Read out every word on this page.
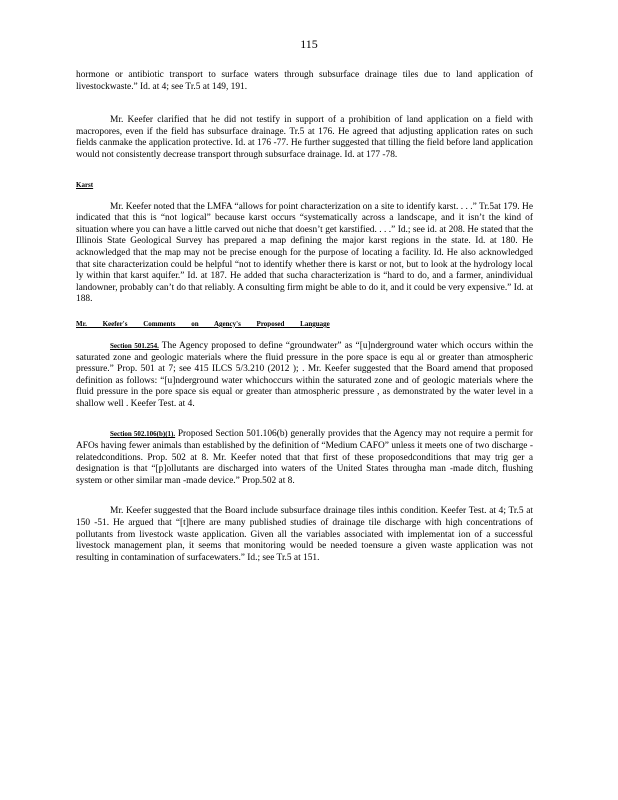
115

hormone or antibiotic transport to surface waters through subsurface drainage tiles due to land application of livestockwaste.” Id. at 4; see Tr.5 at 149, 191.

Mr. Keefer clarified that he did not testify in support of a prohibition of land application on a field with macropores, even if the field has subsurface drainage. Tr.5 at 176. He agreed that adjusting application rates on such fields canmake the application protective. Id. at 176 -77. He further suggested that tilling the field before land application would not consistently decrease transport through subsurface drainage. Id. at 177 -78.

Karst

Mr. Keefer noted that the LMFA “allows for point characterization on a site to identify karst. . . .” Tr.5at 179. He indicated that this is “not logical” because karst occurs “systematically across a landscape, and it isn’t the kind of situation where you can have a little carved out niche that doesn’t get karstified. . . .” Id.; see id. at 208. He stated that the Illinois State Geological Survey has prepared a map defining the major karst regions in the state. Id. at 180. He acknowledged that the map may not be precise enough for the purpose of locating a facility. Id. He also acknowledged that site characterization could be helpful “not to identify whether there is karst or not, but to look at the hydrology local ly within that karst aquifer.” Id. at 187. He added that sucha characterization is “hard to do, and a farmer, anindividual landowner, probably can’t do that reliably. A consulting firm might be able to do it, and it could be very expensive.” Id. at 188.

Mr. Keefer's Comments on Agency's Proposed Language

Section 501.254. The Agency proposed to define “groundwater” as “[u]nderground water which occurs within the saturated zone and geologic materials where the fluid pressure in the pore space is equ al or greater than atmospheric pressure.” Prop. 501 at 7; see 415 ILCS 5/3.210 (2012 ); . Mr. Keefer suggested that the Board amend that proposed definition as follows: “[u]nderground water whichoccurs within the saturated zone and of geologic materials where the fluid pressure in the pore space sis equal or greater than atmospheric pressure , as demonstrated by the water level in a shallow well . Keefer Test. at 4.

Section 502.106(b)(1). Proposed Section 501.106(b) generally provides that the Agency may not require a permit for AFOs having fewer animals than established by the definition of “Medium CAFO” unless it meets one of two discharge -relatedconditions. Prop. 502 at 8. Mr. Keefer noted that that first of these proposedconditions that may trig ger a designation is that “[p]ollutants are discharged into waters of the United States througha man -made ditch, flushing system or other similar man -made device.” Prop.502 at 8.

Mr. Keefer suggested that the Board include subsurface drainage tiles inthis condition. Keefer Test. at 4; Tr.5 at 150 -51. He argued that “[t]here are many published studies of drainage tile discharge with high concentrations of pollutants from livestock waste application. Given all the variables associated with implementat ion of a successful livestock management plan, it seems that monitoring would be needed toensure a given waste application was not resulting in contamination of surfacewaters.” Id.; see Tr.5 at 151.
